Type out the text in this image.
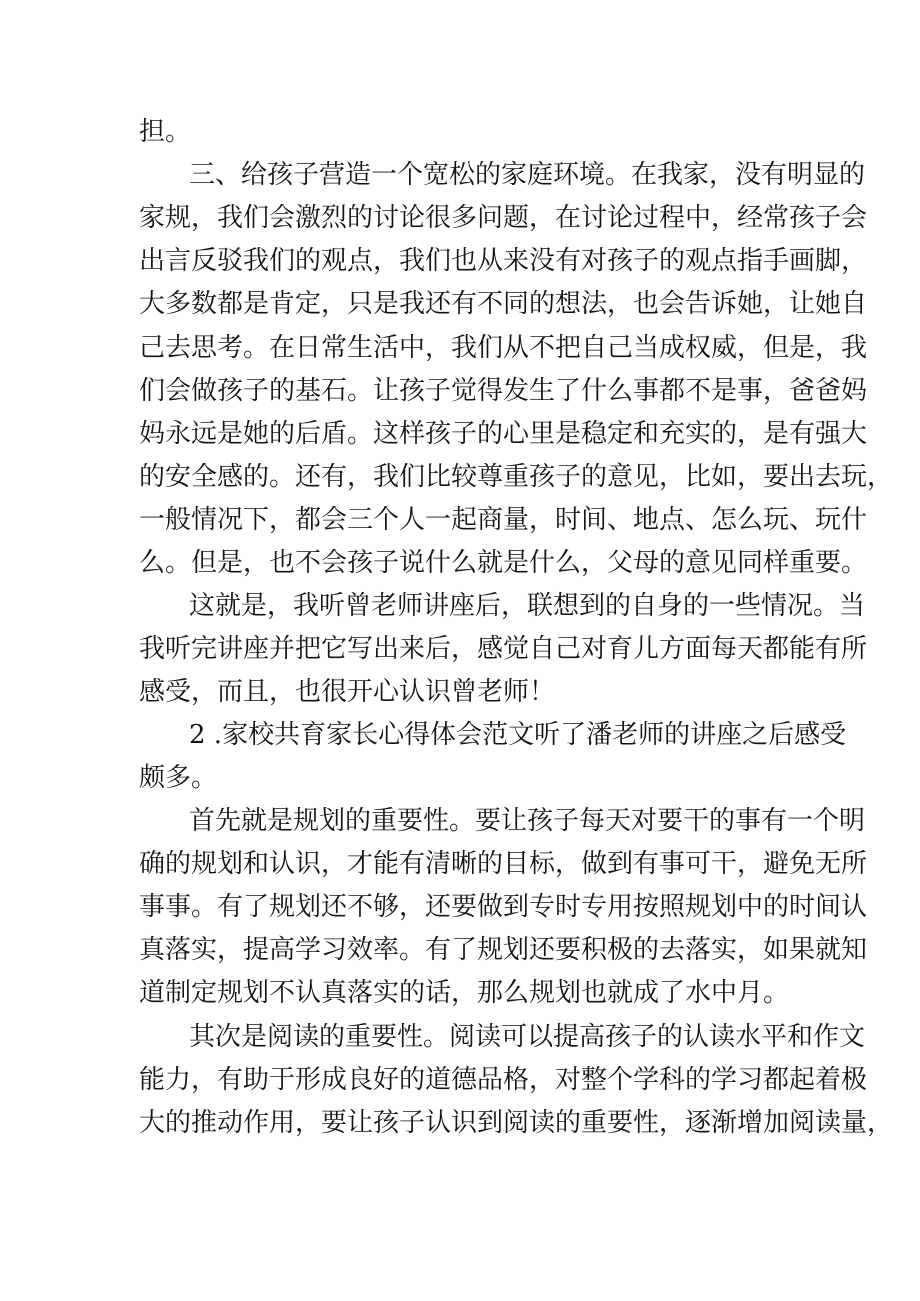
担。

三、给孩子营造一个宽松的家庭环境。在我家，没有明显的

家规，我们会激烈的讨论很多问题，在讨论过程中，经常孩子会

出言反驳我们的观点，我们也从来没有对孩子的观点指手画脚，

大多数都是肯定，只是我还有不同的想法，也会告诉她，让她自

己去思考。在日常生活中，我们从不把自己当成权威，但是，我

们会做孩子的基石。让孩子觉得发生了什么事都不是事，爸爸妈

妈永远是她的后盾。这样孩子的心里是稳定和充实的，是有强大

的安全感的。还有，我们比较尊重孩子的意见，比如，要出去玩，

一般情况下，都会三个人一起商量，时间、地点、怎么玩、玩什

么。但是，也不会孩子说什么就是什么，父母的意见同样重要。

这就是，我听曾老师讲座后，联想到的自身的一些情况。当

我听完讲座并把它写出来后，感觉自己对育儿方面每天都能有所

感受，而且，也很开心认识曾老师！

2 .家校共育家长心得体会范文听了潘老师的讲座之后感受

颇多。

首先就是规划的重要性。要让孩子每天对要干的事有一个明

确的规划和认识，才能有清晰的目标，做到有事可干，避免无所

事事。有了规划还不够，还要做到专时专用按照规划中的时间认

真落实，提高学习效率。有了规划还要积极的去落实，如果就知

道制定规划不认真落实的话，那么规划也就成了水中月。

其次是阅读的重要性。阅读可以提高孩子的认读水平和作文

能力，有助于形成良好的道德品格，对整个学科的学习都起着极

大的推动作用，要让孩子认识到阅读的重要性，逐渐增加阅读量，
